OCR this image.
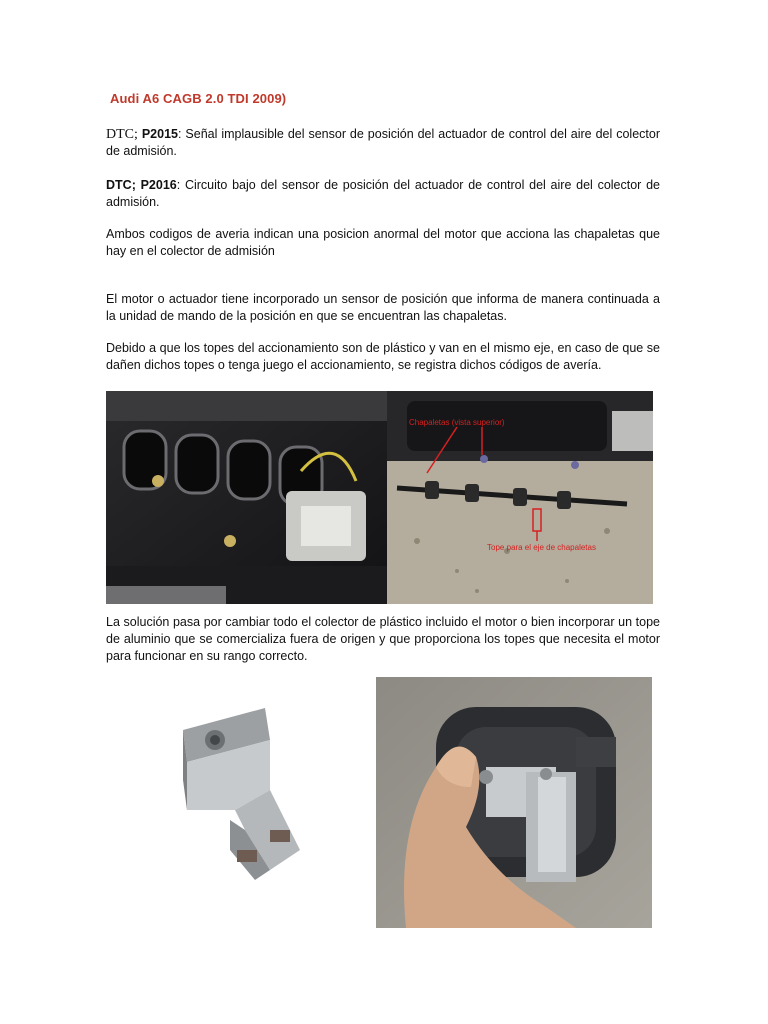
Audi A6 CAGB 2.0 TDI 2009)
DTC; P2015: Señal implausible del sensor de posición del actuador de control del aire del colector de admisión.
DTC; P2016: Circuito bajo del sensor de posición del actuador de control del aire del colector de admisión.
Ambos codigos de averia indican una posicion anormal del motor que acciona las chapaletas que hay en el colector de admisión
El motor o actuador tiene incorporado un sensor de posición que informa de manera continuada a la unidad de mando de la posición en que se encuentran las chapaletas.
Debido a que los topes del accionamiento son de plástico y van en el mismo eje, en caso de que se dañen dichos topes o tenga juego el accionamiento, se registra dichos códigos de avería.
Chapaletas (vista superior)
Tope para el eje de chapaletas
La solución pasa por cambiar todo el colector de plástico incluido el motor o bien incorporar un tope de aluminio que se comercializa fuera de origen y que proporciona los topes que necesita el motor para funcionar en su rango correcto.
